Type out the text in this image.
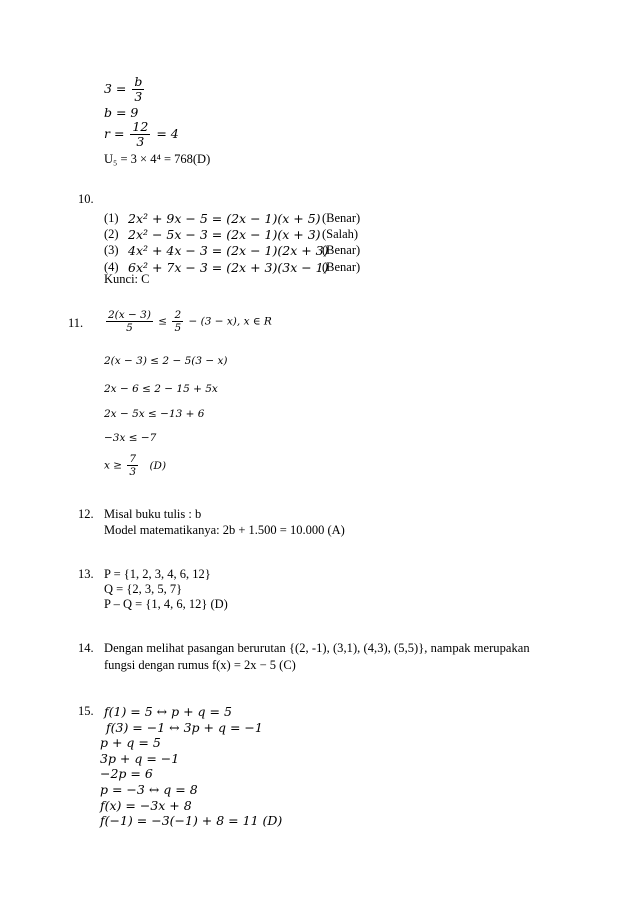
$3 = \frac{b}{3}$
b = 9
$r = \frac{12}{3} = 4$
U₅ = 3 × 4⁴ = 768(D)
10.
(1) 2x² + 9x − 5 = (2x − 1)(x + 5) (Benar)
(2) 2x² − 5x − 3 = (2x − 1)(x + 3) (Salah)
(3) 4x² + 4x − 3 = (2x − 1)(2x + 3)
(Benar)
(4) 6x² + 7x − 3 = (2x + 3)(3x − 1)
(Benar)
Kunci: C
11. $\frac{2(x - 3)}{5} \le \frac{2}{5} - (3 - x)$, x ∈ R
2(x − 3) ≤ 2 − 5(3 − x)
2x − 6 ≤ 2 − 15 + 5x
2x − 5x ≤ −13 + 6
−3x ≤ −7
$x \ge \frac{7}{3} (D)$
12. Misal buku tulis : b
Model matematikanya: 2b + 1.500 = 10.000 (A)
13. P = {1, 2, 3, 4, 6, 12}
Q = {2, 3, 5, 7}
P – Q = {1, 4, 6, 12} (D)
14. Dengan melihat pasangan berurutan {(2, -1), (3,1), (4,3), (5,5)}, nampak merupakan
fungsi dengan rumus f(x) = 2x − 5 (C)
15. f(1) = 5 ↔ p + q = 5
f(3) = −1 ↔ 3p + q = −1
p + q = 5
3p + q = −1
−2p = 6
p = −3 ↔ q = 8
f(x) = −3x + 8
f(−1) = −3(−1) + 8 = 11 (D)
